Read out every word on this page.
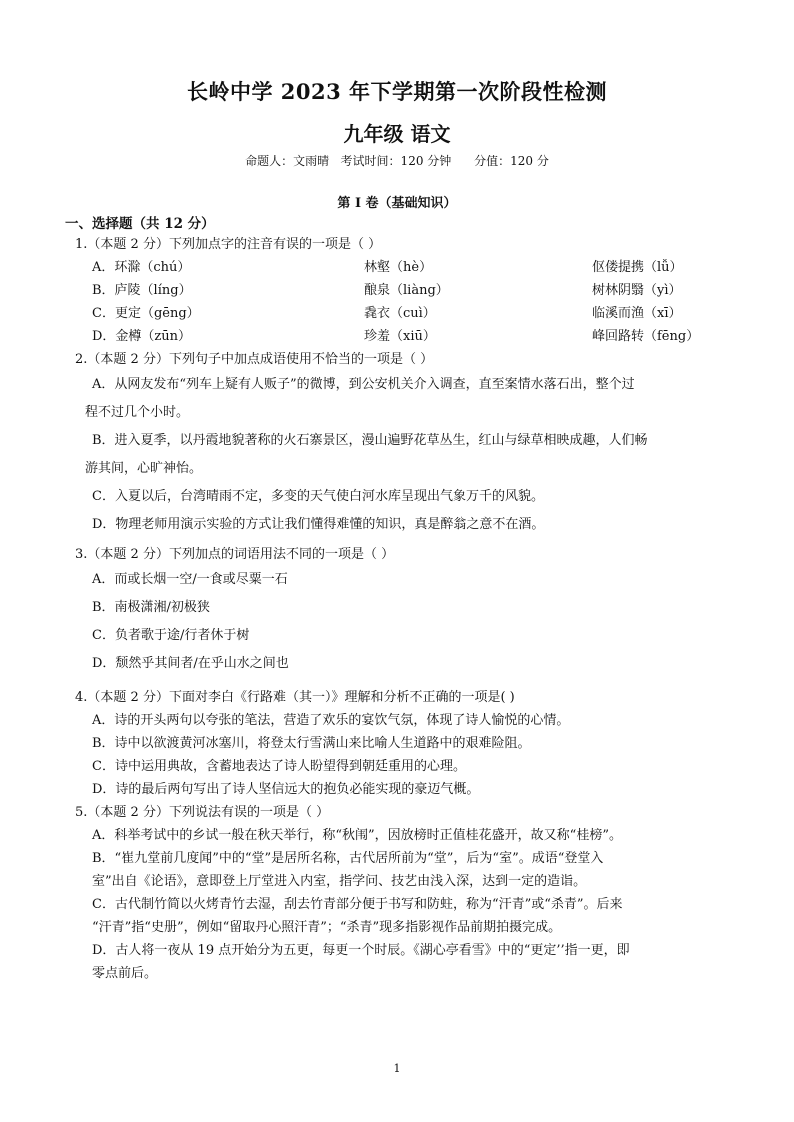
长岭中学 2023 年下学期第一次阶段性检测
九年级 语文
命题人：文雨晴   考试时间：120 分钟      分值：120 分
第 I 卷（基础知识）
一、选择题（共 12 分）
1.（本题 2 分）下列加点字的注音有误的一项是（ ）
A．环滁（chú）	林壑（hè）	伛偻提携（lǚ）
B．庐陵（líng）	酿泉（liàng）	树林阴翳（yì）
C．更定（gēng）	毳衣（cuì）	临溪而渔（xī）
D．金樽（zūn）	珍羞（xiū）	峰回路转（fēng）
2.（本题 2 分）下列句子中加点成语使用不恰当的一项是（ ）
A．从网友发布“列车上疑有人贩子”的微博，到公安机关介入调查，直至案情水落石出，整个过
程不过几个小时。
B．进入夏季，以丹霞地貌著称的火石寨景区，漫山遍野花草丛生，红山与绿草相映成趣，人们畅
游其间，心旷神怡。
C．入夏以后，台湾晴雨不定，多变的天气使白河水库呈现出气象万千的风貌。
D．物理老师用演示实验的方式让我们懂得难懂的知识，真是醉翁之意不在酒。
3.（本题 2 分）下列加点的词语用法不同的一项是（ ）
A．而或长烟一空/一食或尽粟一石
B．南极潇湘/初极狭
C．负者歌于途/行者休于树
D．颓然乎其间者/在乎山水之间也
4.（本题 2 分）下面对李白《行路难（其一）》理解和分析不正确的一项是( )
A．诗的开头两句以夸张的笔法，营造了欢乐的宴饮气氛，体现了诗人愉悦的心情。
B．诗中以欲渡黄河冰塞川，将登太行雪满山来比喻人生道路中的艰难险阻。
C．诗中运用典故，含蓄地表达了诗人盼望得到朝廷重用的心理。
D．诗的最后两句写出了诗人坚信远大的抱负必能实现的豪迈气概。
5.（本题 2 分）下列说法有误的一项是（ ）
A．科举考试中的乡试一般在秋天举行，称“秋闱”，因放榜时正值桂花盛开，故又称“桂榜”。
B．“崔九堂前几度闻”中的“堂”是居所名称，古代居所前为“堂”，后为“室”。成语“登堂入
室”出自《论语》，意即登上厅堂进入内室，指学问、技艺由浅入深，达到一定的造诣。
C．古代制竹简以火烤青竹去湿，刮去竹青部分便于书写和防蛀，称为“汗青”或“杀青”。后来
“汗青”指“史册”，例如“留取丹心照汗青”；“杀青”现多指影视作品前期拍摄完成。
D．古人将一夜从 19 点开始分为五更，每更一个时辰。《湖心亭看雪》中的“更定’’指一更，即
零点前后。
1
